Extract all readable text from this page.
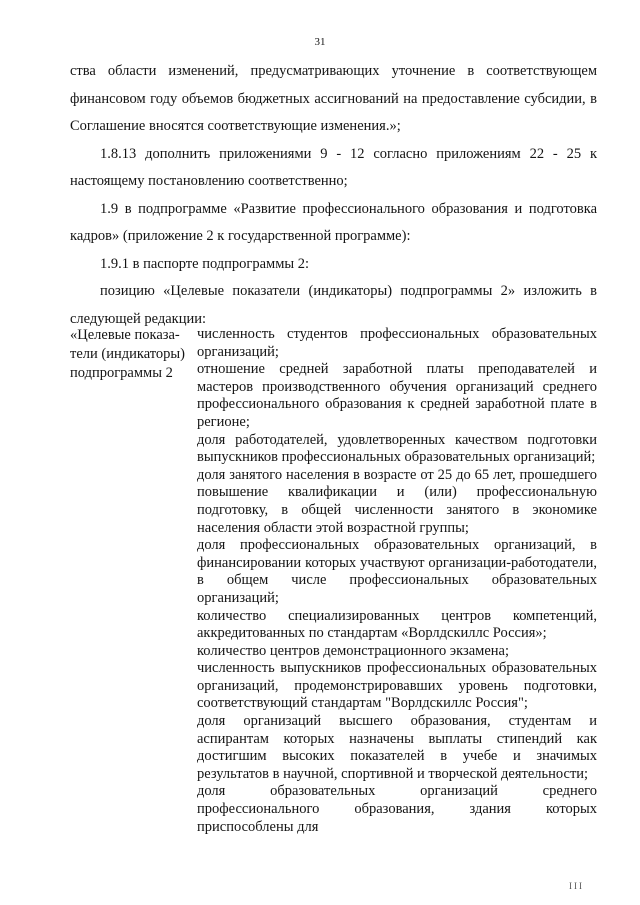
31

ства области изменений, предусматривающих уточнение в соответствующем финансовом году объемов бюджетных ассигнований на предоставление субсидии, в Соглашение вносятся соответствующие изменения.»;

1.8.13 дополнить приложениями 9 - 12 согласно приложениям 22 - 25 к настоящему постановлению соответственно;

1.9 в подпрограмме «Развитие профессионального образования и подготовка кадров» (приложение 2 к государственной программе):

1.9.1 в паспорте подпрограммы 2:

позицию «Целевые показатели (индикаторы) подпрограммы 2» изложить в следующей редакции:

«Целевые показа-
тели (индикаторы)
подпрограммы 2

численность студентов профессиональных образовательных организаций;

отношение средней заработной платы преподавателей и мастеров производственного обучения организаций среднего профессионального образования к средней заработной плате в регионе;

доля работодателей, удовлетворенных качеством подготовки выпускников профессиональных образовательных организаций;

доля занятого населения в возрасте от 25 до 65 лет, прошедшего повышение квалификации и (или) профессиональную подготовку, в общей численности занятого в экономике населения области этой возрастной группы;

доля профессиональных образовательных организаций, в финансировании которых участвуют организации-работодатели, в общем числе профессиональных образовательных организаций;

количество специализированных центров компетенций, аккредитованных по стандартам «Ворлдскиллс Россия»;

количество центров демонстрационного экзамена;

численность выпускников профессиональных образовательных организаций, продемонстрировавших уровень подготовки, соответствующий стандартам "Ворлдскиллс Россия";

доля организаций высшего образования, студентам и аспирантам которых назначены выплаты стипендий как достигшим высоких показателей в учебе и значимых результатов в научной, спортивной и творческой деятельности;

доля образовательных организаций среднего профессионального образования, здания которых приспособлены для

III
